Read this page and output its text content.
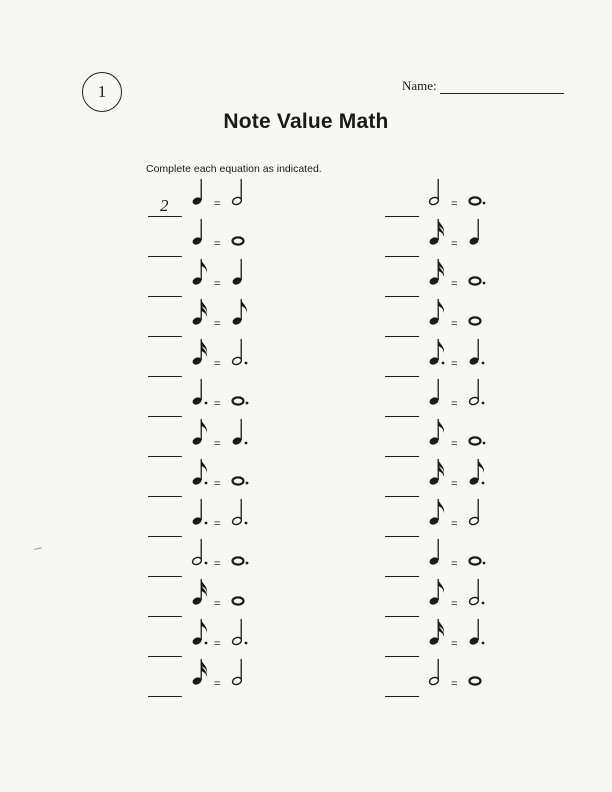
1	Name:
Note Value Math
Complete each equation as indicated.
2	=
=
=
=
=
=
=
=
=
=
=
=
=
=
=
=
=
=
=
=
=
=
=
=
=
=
